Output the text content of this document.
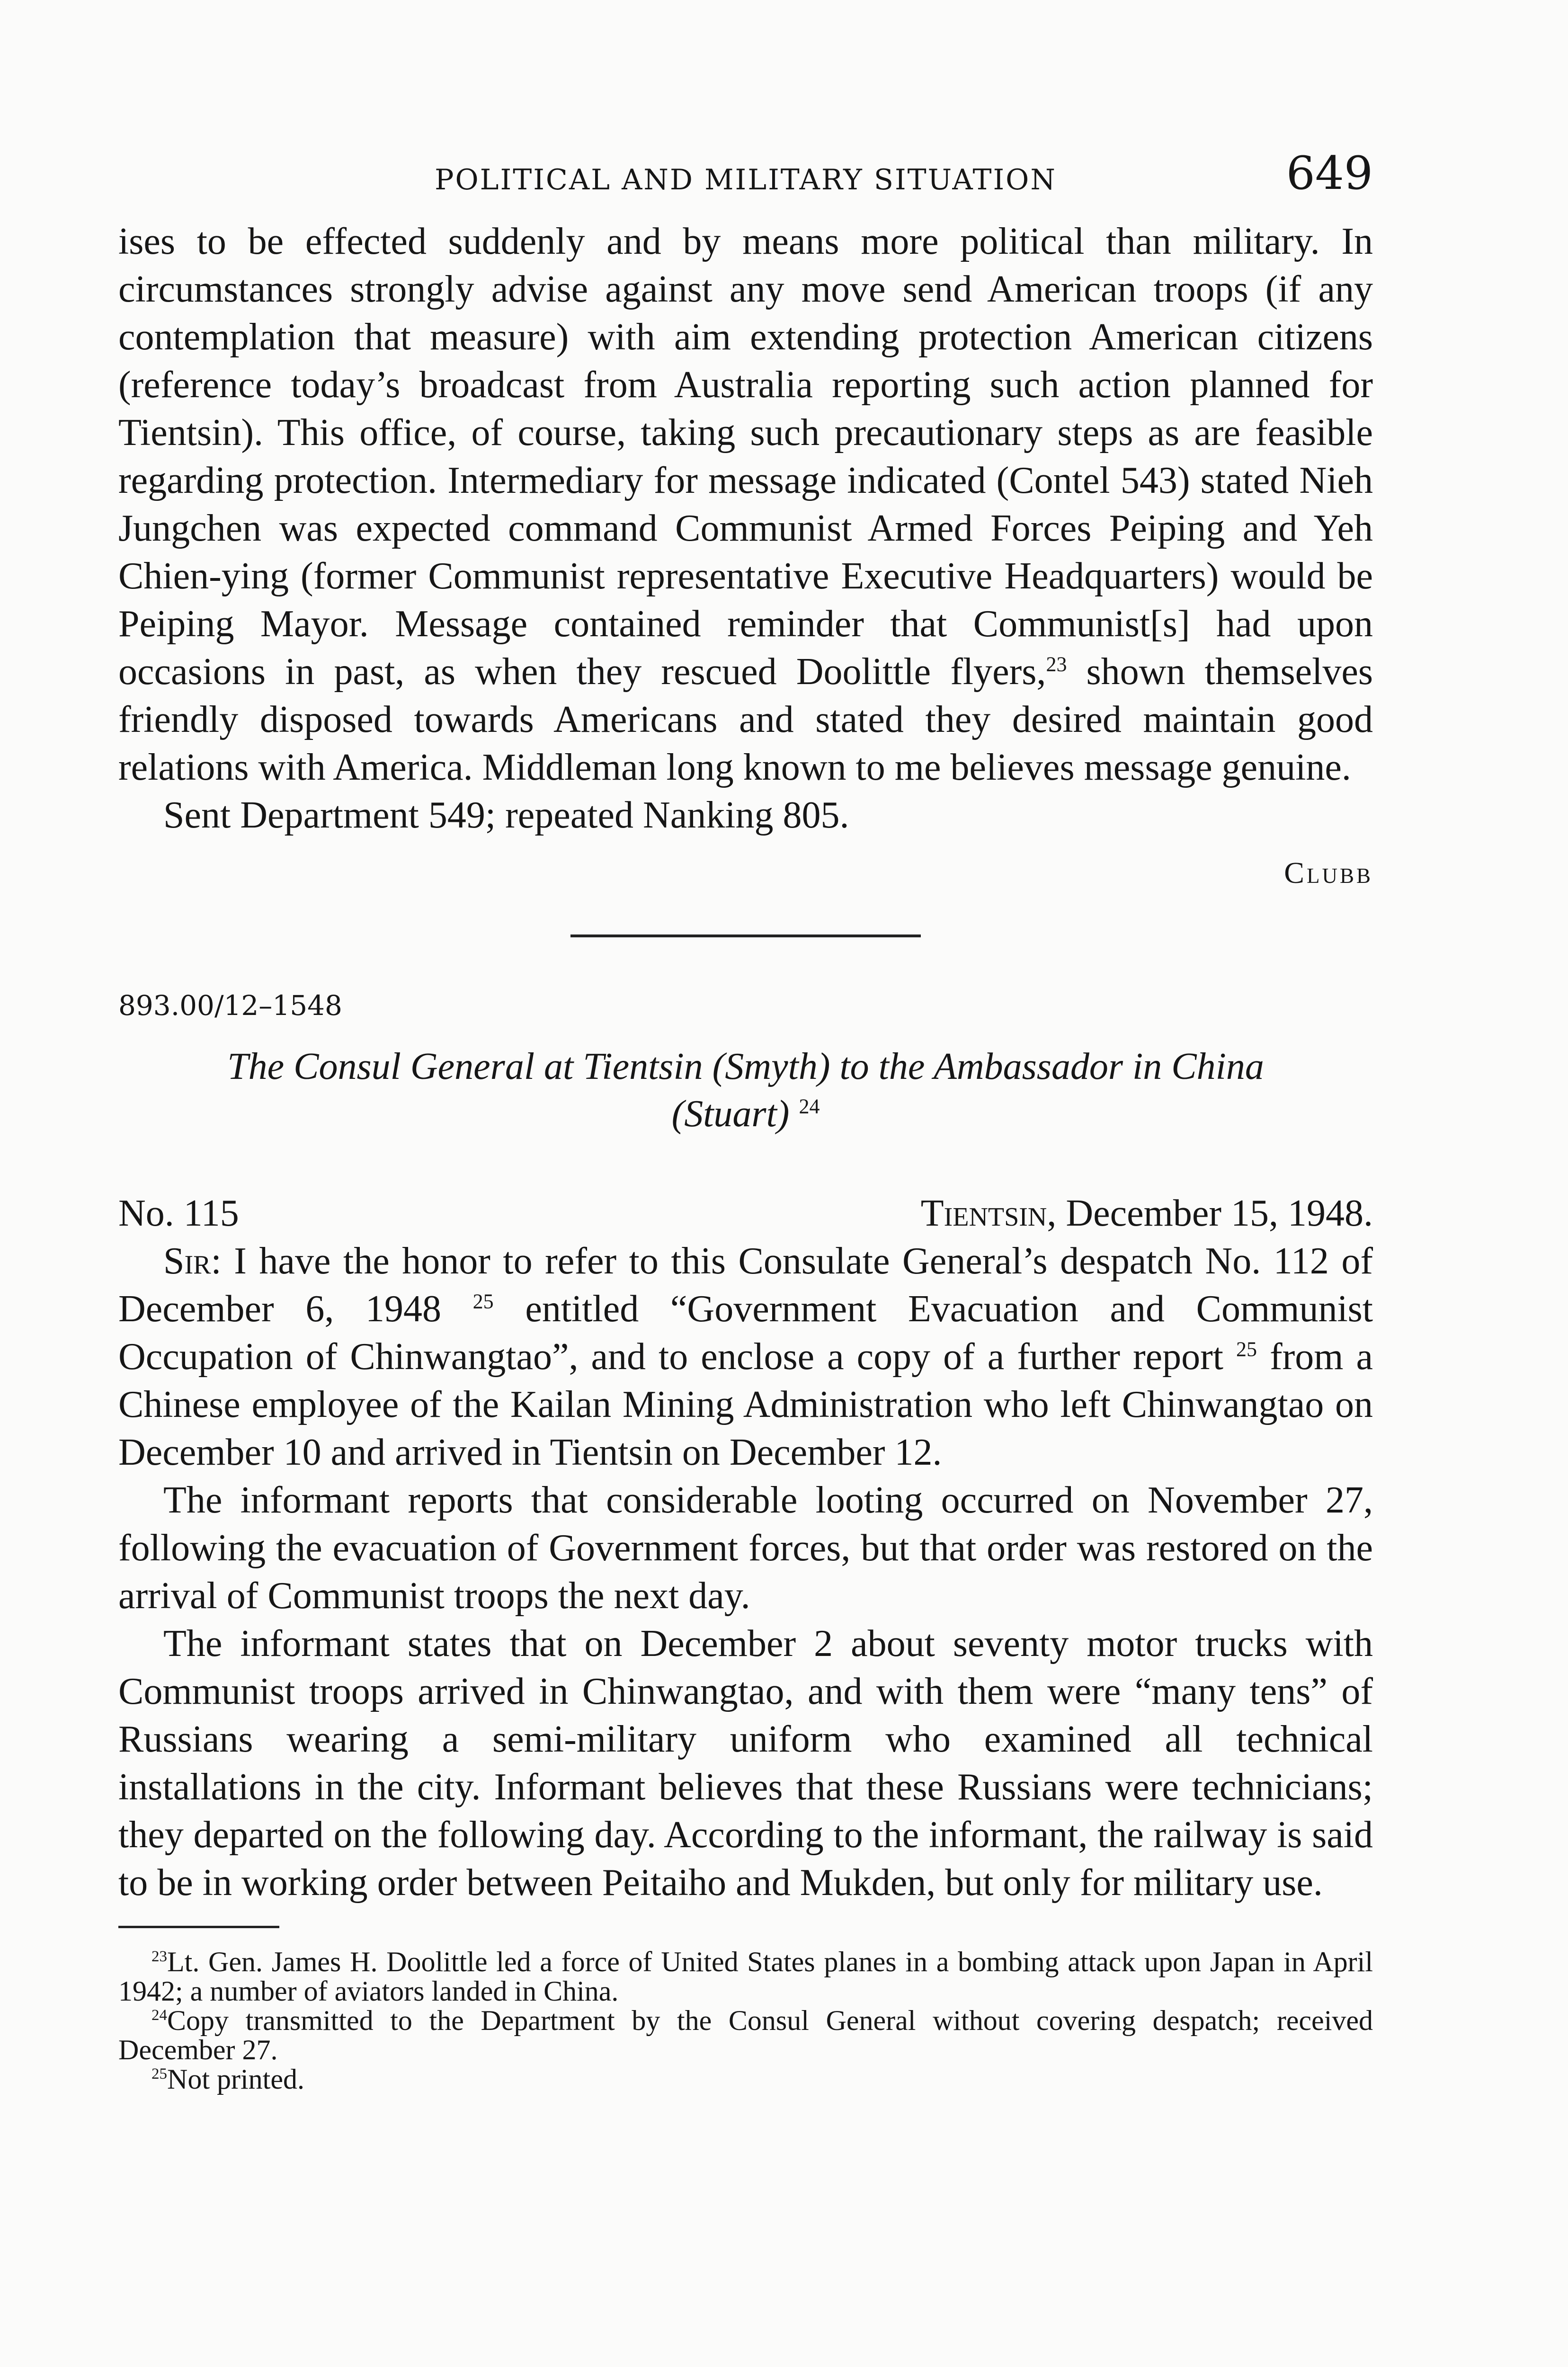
POLITICAL AND MILITARY SITUATION	649

ises to be effected suddenly and by means more political than military. In circumstances strongly advise against any move send American troops (if any contemplation that measure) with aim extending protection American citizens (reference today’s broadcast from Australia reporting such action planned for Tientsin). This office, of course, taking such precautionary steps as are feasible regarding protection. Intermediary for message indicated (Contel 543) stated Nieh Jungchen was expected command Communist Armed Forces Peiping and Yeh Chien-ying (former Communist representative Executive Headquarters) would be Peiping Mayor. Message contained reminder that Communist[s] had upon occasions in past, as when they rescued Doolittle flyers,$^{23}$ shown themselves friendly disposed towards Americans and stated they desired maintain good relations with America. Middleman long known to me believes message genuine.

Sent Department 549; repeated Nanking 805.

Clubb
893.00/12–1548
The Consul General at Tientsin (Smyth) to the Ambassador in China
(Stuart) $^{24}$
No. 115	Tientsin, December 15, 1948.

Sir: I have the honor to refer to this Consulate General’s despatch No. 112 of December 6, 1948 $^{25}$ entitled “Government Evacuation and Communist Occupation of Chinwangtao”, and to enclose a copy of a further report $^{25}$ from a Chinese employee of the Kailan Mining Administration who left Chinwangtao on December 10 and arrived in Tientsin on December 12.

The informant reports that considerable looting occurred on November 27, following the evacuation of Government forces, but that order was restored on the arrival of Communist troops the next day.

The informant states that on December 2 about seventy motor trucks with Communist troops arrived in Chinwangtao, and with them were “many tens” of Russians wearing a semi-military uniform who examined all technical installations in the city. Informant believes that these Russians were technicians; they departed on the following day. According to the informant, the railway is said to be in working order between Peitaiho and Mukden, but only for military use.

$^{23}$Lt. Gen. James H. Doolittle led a force of United States planes in a bombing attack upon Japan in April 1942; a number of aviators landed in China.

$^{24}$Copy transmitted to the Department by the Consul General without covering despatch; received December 27.

$^{25}$Not printed.
